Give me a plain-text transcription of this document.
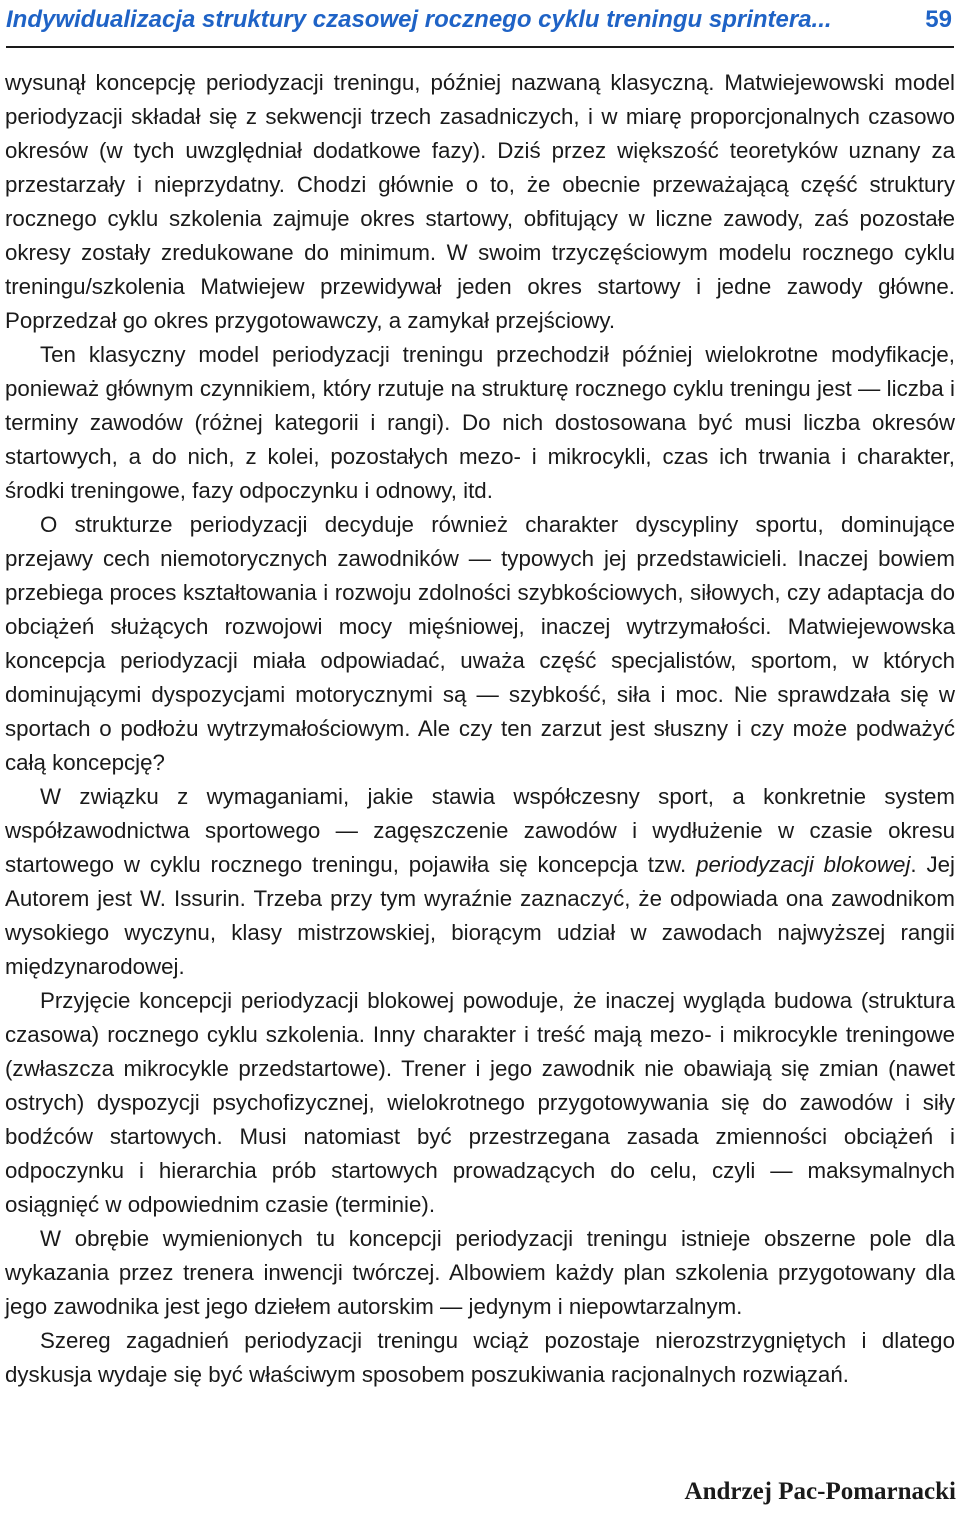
Indywidualizacja struktury czasowej rocznego cyklu treningu sprintera...	59

wysunął koncepcję periodyzacji treningu, później nazwaną klasyczną. Matwiejewowski model periodyzacji składał się z sekwencji trzech zasadniczych, i w miarę proporcjonalnych czasowo okresów (w tych uwzględniał dodatkowe fazy). Dziś przez większość teoretyków uznany za przestarzały i nieprzydatny. Chodzi głównie o to, że obecnie przeważającą część struktury rocznego cyklu szkolenia zajmuje okres startowy, obfitujący w liczne zawody, zaś pozostałe okresy zostały zredukowane do minimum. W swoim trzyczęściowym modelu rocznego cyklu treningu/szkolenia Matwiejew przewidywał jeden okres startowy i jedne zawody główne. Poprzedzał go okres przygotowawczy, a zamykał przejściowy.

Ten klasyczny model periodyzacji treningu przechodził później wielokrotne modyfikacje, ponieważ głównym czynnikiem, który rzutuje na strukturę rocznego cyklu treningu jest — liczba i terminy zawodów (różnej kategorii i rangi). Do nich dostosowana być musi liczba okresów startowych, a do nich, z kolei, pozostałych mezo- i mikrocykli, czas ich trwania i charakter, środki treningowe, fazy odpoczynku i odnowy, itd.

O strukturze periodyzacji decyduje również charakter dyscypliny sportu, dominujące przejawy cech niemotorycznych zawodników — typowych jej przedstawicieli. Inaczej bowiem przebiega proces kształtowania i rozwoju zdolności szybkościowych, siłowych, czy adaptacja do obciążeń służących rozwojowi mocy mięśniowej, inaczej wytrzymałości. Matwiejewowska koncepcja periodyzacji miała odpowiadać, uważa część specjalistów, sportom, w których dominującymi dyspozycjami motorycznymi są — szybkość, siła i moc. Nie sprawdzała się w sportach o podłożu wytrzymałościowym. Ale czy ten zarzut jest słuszny i czy może podważyć całą koncepcję?

W związku z wymaganiami, jakie stawia współczesny sport, a konkretnie system współzawodnictwa sportowego — zagęszczenie zawodów i wydłużenie w czasie okresu startowego w cyklu rocznego treningu, pojawiła się koncepcja tzw. periodyzacji blokowej. Jej Autorem jest W. Issurin. Trzeba przy tym wyraźnie zaznaczyć, że odpowiada ona zawodnikom wysokiego wyczynu, klasy mistrzowskiej, biorącym udział w zawodach najwyższej rangii międzynarodowej.

Przyjęcie koncepcji periodyzacji blokowej powoduje, że inaczej wygląda budowa (struktura czasowa) rocznego cyklu szkolenia. Inny charakter i treść mają mezo- i mikrocykle treningowe (zwłaszcza mikrocykle przedstartowe). Trener i jego zawodnik nie obawiają się zmian (nawet ostrych) dyspozycji psychofizycznej, wielokrotnego przygotowywania się do zawodów i siły bodźców startowych. Musi natomiast być przestrzegana zasada zmienności obciążeń i odpoczynku i hierarchia prób startowych prowadzących do celu, czyli — maksymalnych osiągnięć w odpowiednim czasie (terminie).

W obrębie wymienionych tu koncepcji periodyzacji treningu istnieje obszerne pole dla wykazania przez trenera inwencji twórczej. Albowiem każdy plan szkolenia przygotowany dla jego zawodnika jest jego dziełem autorskim — jedynym i niepowtarzalnym.

Szereg zagadnień periodyzacji treningu wciąż pozostaje nierozstrzygniętych i dlatego dyskusja wydaje się być właściwym sposobem poszukiwania racjonalnych rozwiązań.

Andrzej Pac-Pomarnacki
